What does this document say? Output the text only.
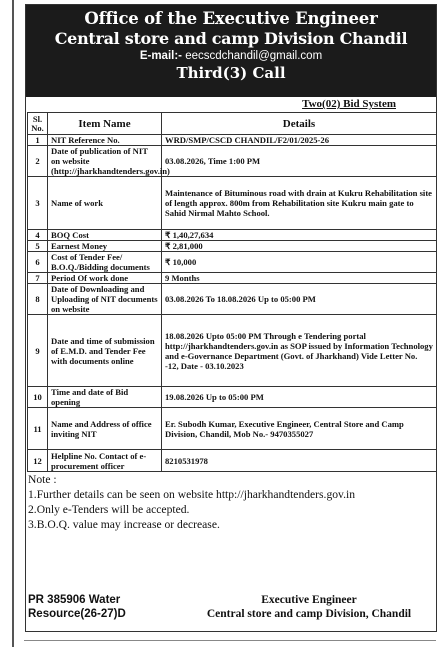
Office of the Executive Engineer
Central store and camp Division Chandil
E-mail:- eecscdchandil@gmail.com
Third(3) Call
Two(02) Bid System
Sl. No.	Item Name	Details
1	NIT Reference No.	WRD/SMP/CSCD CHANDIL/F2/01/2025-26
2	Date of publication of NIT on website (http://jharkhandtenders.gov.in)	03.08.2026, Time 1:00 PM
3	Name of work	Maintenance of Bituminous road with drain at Kukru Rehabilitation site of length approx. 800m from Rehabilitation site Kukru main gate to Sahid Nirmal Mahto School.
4	BOQ Cost	₹ 1,40,27,634
5	Earnest Money	₹ 2,81,000
6	Cost of Tender Fee/ B.O.Q./Bidding documents	₹ 10,000
7	Period Of work done	9 Months
8	Date of Downloading and Uploading of NIT documents on website	03.08.2026 To 18.08.2026 Up to 05:00 PM
9	Date and time of submission of E.M.D. and Tender Fee with documents online	18.08.2026 Upto 05:00 PM Through e Tendering portal http://jharkhandtenders.gov.in as SOP issued by Information Technology and e-Governance Department (Govt. of Jharkhand) Vide Letter No. -12, Date - 03.10.2023
10	Time and date of Bid opening	19.08.2026 Up to 05:00 PM
11	Name and Address of office inviting NIT	Er. Subodh Kumar, Executive Engineer, Central Store and Camp Division, Chandil, Mob No.- 9470355027
12	Helpline No. Contact of e-procurement officer	8210531978
Note :
1.Further details can be seen on website http://jharkhandtenders.gov.in
2.Only e-Tenders will be accepted.
3.B.O.Q. value may increase or decrease.
PR 385906 Water
Resource(26-27)D
Executive Engineer
Central store and camp Division, Chandil
